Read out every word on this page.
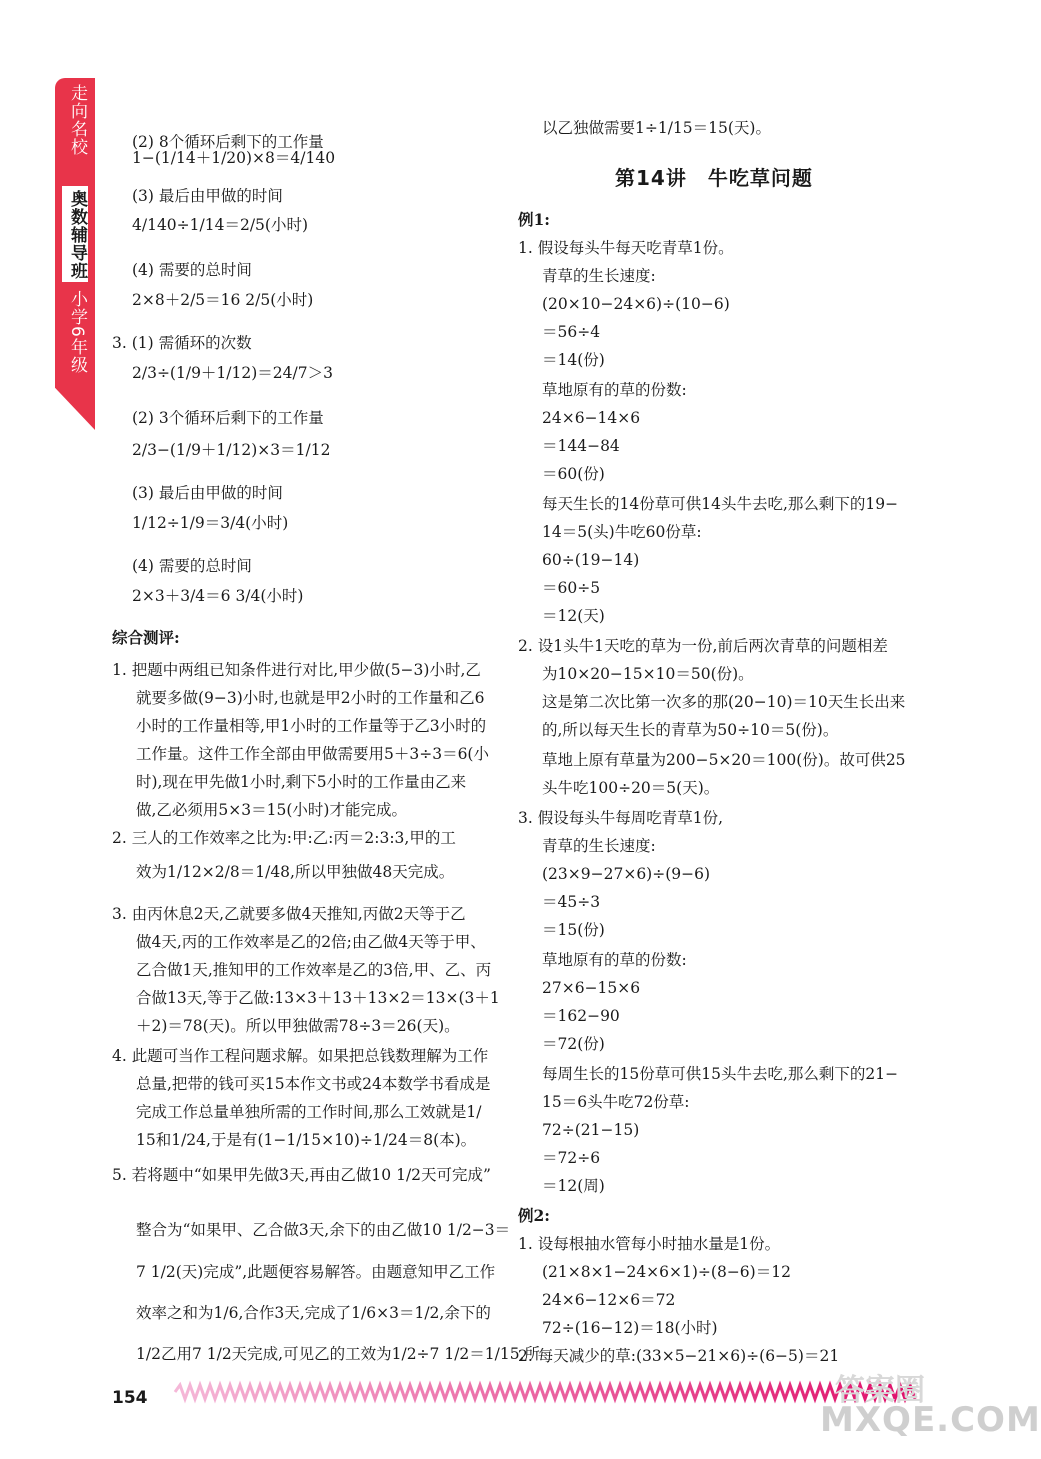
走向名校
奥数辅导班
小学6年级
(2) 8个循环后剩下的工作量
1−(1/14＋1/20)×8＝4/140
(3) 最后由甲做的时间
4/140÷1/14＝2/5(小时)
(4) 需要的总时间
2×8＋2/5＝16 2/5(小时)
3. (1) 需循环的次数
2/3÷(1/9＋1/12)＝24/7＞3
(2) 3个循环后剩下的工作量
2/3−(1/9＋1/12)×3＝1/12
(3) 最后由甲做的时间
1/12÷1/9＝3/4(小时)
(4) 需要的总时间
2×3＋3/4＝6 3/4(小时)
综合测评:
1. 把题中两组已知条件进行对比,甲少做(5−3)小时,乙
就要多做(9−3)小时,也就是甲2小时的工作量和乙6
小时的工作量相等,甲1小时的工作量等于乙3小时的
工作量。这件工作全部由甲做需要用5＋3÷3＝6(小
时),现在甲先做1小时,剩下5小时的工作量由乙来
做,乙必须用5×3＝15(小时)才能完成。
2. 三人的工作效率之比为:甲:乙:丙＝2:3:3,甲的工
效为1/12×2/8＝1/48,所以甲独做48天完成。
3. 由丙休息2天,乙就要多做4天推知,丙做2天等于乙
做4天,丙的工作效率是乙的2倍;由乙做4天等于甲、
乙合做1天,推知甲的工作效率是乙的3倍,甲、乙、丙
合做13天,等于乙做:13×3＋13＋13×2＝13×(3＋1
＋2)＝78(天)。所以甲独做需78÷3＝26(天)。
4. 此题可当作工程问题求解。如果把总钱数理解为工作
总量,把带的钱可买15本作文书或24本数学书看成是
完成工作总量单独所需的工作时间,那么工效就是1/
15和1/24,于是有(1−1/15×10)÷1/24＝8(本)。
5. 若将题中“如果甲先做3天,再由乙做10 1/2天可完成”
整合为“如果甲、乙合做3天,余下的由乙做10 1/2−3＝
7 1/2(天)完成”,此题便容易解答。由题意知甲乙工作
效率之和为1/6,合作3天,完成了1/6×3＝1/2,余下的
1/2乙用7 1/2天完成,可见乙的工效为1/2÷7 1/2＝1/15,所
第14讲　牛吃草问题
以乙独做需要1÷1/15＝15(天)。
例1:
1. 假设每头牛每天吃青草1份。
青草的生长速度:
(20×10−24×6)÷(10−6)
＝56÷4
＝14(份)
草地原有的草的份数:
24×6−14×6
＝144−84
＝60(份)
每天生长的14份草可供14头牛去吃,那么剩下的19−
14＝5(头)牛吃60份草:
60÷(19−14)
＝60÷5
＝12(天)
2. 设1头牛1天吃的草为一份,前后两次青草的问题相差
为10×20−15×10＝50(份)。
这是第二次比第一次多的那(20−10)＝10天生长出来
的,所以每天生长的青草为50÷10＝5(份)。
草地上原有草量为200−5×20＝100(份)。故可供25
头牛吃100÷20＝5(天)。
3. 假设每头牛每周吃青草1份,
青草的生长速度:
(23×9−27×6)÷(9−6)
＝45÷3
＝15(份)
草地原有的草的份数:
27×6−15×6
＝162−90
＝72(份)
每周生长的15份草可供15头牛去吃,那么剩下的21−
15＝6头牛吃72份草:
72÷(21−15)
＝72÷6
＝12(周)
例2:
1. 设每根抽水管每小时抽水量是1份。
(21×8×1−24×6×1)÷(8−6)＝12
24×6−12×6＝72
72÷(16−12)＝18(小时)
2. 每天减少的草:(33×5−21×6)÷(6−5)＝21
154	答案圈
MXQE.COM
